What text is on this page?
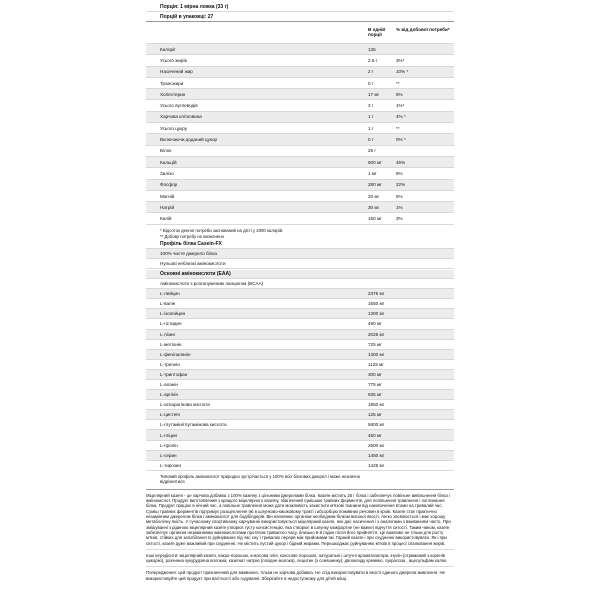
Порція: 1 мірна ложка (33 г)
Порцій в упаковці: 27
В одній порції
% від добової потреби*
Калорії	135
Усього жирів	2.5 г	3%*
Насичений жир	2 г	10% *
Трансжири	0 г	**
Холестерин	17 мг	6%
Усього вуглеводів	3 г	1%*
Харчова клітковина	1 г	4% *
Усього цукру	1 г	**
Включаючи доданий цукор	0 г	0% *
Білок	25 г
Кальцій	600 мг	46%
Залізо	1 мг	6%
Фосфор	280 мг	22%
Магній	20 мг	5%
Натрій	30 мг	1%
Калій	150 мг	3%
* Відсоток денної потреби заснований на дієті у 2000 калорій.
** Добову потребу не визначено
Профіль білка Casein-FX
100% чисте джерело білка
Нульові неблизкі амінокислоти
Основні амінокислоти (ЕАА)
Амінокислоти з розгалуженим ланцюгом (BCAA)
L-лейцин	2375 мг
L-валін	1650 мг
L-ізолейцин	1300 мг
L-гістидин	490 мг
L-лізин	2025 мг
L-метіонін	725 мг
L-фенілаланін	1300 мг
L-треонін	1125 мг
L-триптофан	300 мг
L-аланін	775 мг
L-аргінін	935 мг
L-аспарагінова кислота	1850 мг
L-цистеїн	125 мг
L-глутамін/глутамінова кислота	5600 мг
L-гліцин	450 мг
L-пролін	2600 мг
L-серин	1450 мг
L-тирозин	1425 мг
Типовий профіль амінокислот природно зустрічається у 100% всіх білкових джерел і може незначно відрізнятися
Міцелярний казеїн - це харчова добавка з 100% казеїну з цільними джерелами білка. Казеїн містить 25 г білка і забезпечує повільне вивільнення білка і амінокислот. Продукт виготовлений з кращого міцелярного казеїну, збагачений сумішшю травних ферментів, для поліпшення травлення і поглинання білка. Продукт працює в нічний час, а повільне травлення може дати можливість захистити м'язові тканини від накопичення втоми на тривалий час. Суміш травних ферментів підтримує розщеплення їжі в шлунково-кишковому тракті і абсорбцію поживних речовин в крові. Казеїн стає практично незамінним джерелом білка і амінокислот для бодібілдерів. Він наповнює організм необхідним білком високої якості, легко засвоюється і має хорошу метаболічну якість. У сучасному спортивному харчуванні використовується міцелярний казеїн, яке дає насичення і з аналогами з вживанням часто. При змішуванні з рідиною міцелярний казеїн утворює густу консистенцію, яка створює в шлунку комфортне (не важке) відчуття ситості. Таким чином, казеїн забезпечує організм незамінними амінокислотами протягом тривалого часу, близько 6-8 годин після його прийняття. Це важливо не тільки для росту м'язів, стійких для запобігання їх руйнування під час сну і тривалих перерв між прийомами їжі. Гарний казеїн і при схудненні використовувати. Як і при ситості, казеїн дуже важливий при схудненні. Не містить пустий цукор і бідний жирами. Перешкоджає руйнуванню м'язів в процесі спалювання жирів.
Інші інгредієнти: міцелярний казеїн, какао-порошок, кокосова олія, кокосове порошок, натуральні і штучні ароматизатори, інулін (отриманий з коренів цикорію), розчинна кукурудзяна волокна, казеїнат натрію (похідне молока), лецитин (з соняшнику), двооксиду кремнію, сукралоза , ацесульфам калію.
Попередження: цей продукт призначений для вживання, тільки не харчова добавка. Не слід використовувати в якості єдиного джерела живлення. Не використовуйте цей продукт при вагітності або годуванні. Зберігайте в недоступному для дітей місці.
